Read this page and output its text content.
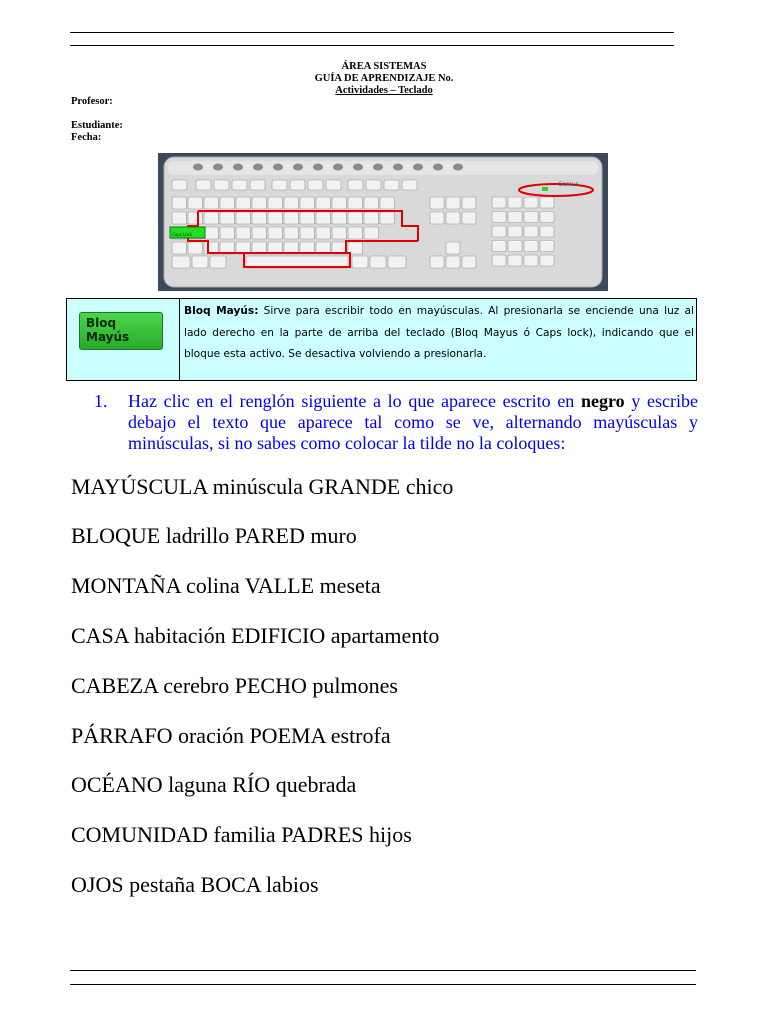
ÁREA SISTEMAS
GUÍA DE APRENDIZAJE No.
Actividades – Teclado
Profesor:
Estudiante:
Fecha:
Genius
Caps Lock
Bloq
Mayús
Bloq Mayús: Sirve para escribir todo en mayúsculas. Al presionarla se enciende una luz al lado derecho en la parte de arriba del teclado (Bloq Mayus ó Caps lock), indicando que el bloque esta activo. Se desactiva volviendo a presionarla.
1. Haz clic en el renglón siguiente a lo que aparece escrito en negro y escribe debajo el texto que aparece tal como se ve, alternando mayúsculas y minúsculas, si no sabes como colocar la tilde no la coloques:
MAYÚSCULA minúscula GRANDE chico
BLOQUE ladrillo PARED muro
MONTAÑA colina VALLE meseta
CASA habitación EDIFICIO apartamento
CABEZA cerebro PECHO pulmones
PÁRRAFO oración POEMA estrofa
OCÉANO laguna RÍO quebrada
COMUNIDAD familia PADRES hijos
OJOS pestaña BOCA labios
